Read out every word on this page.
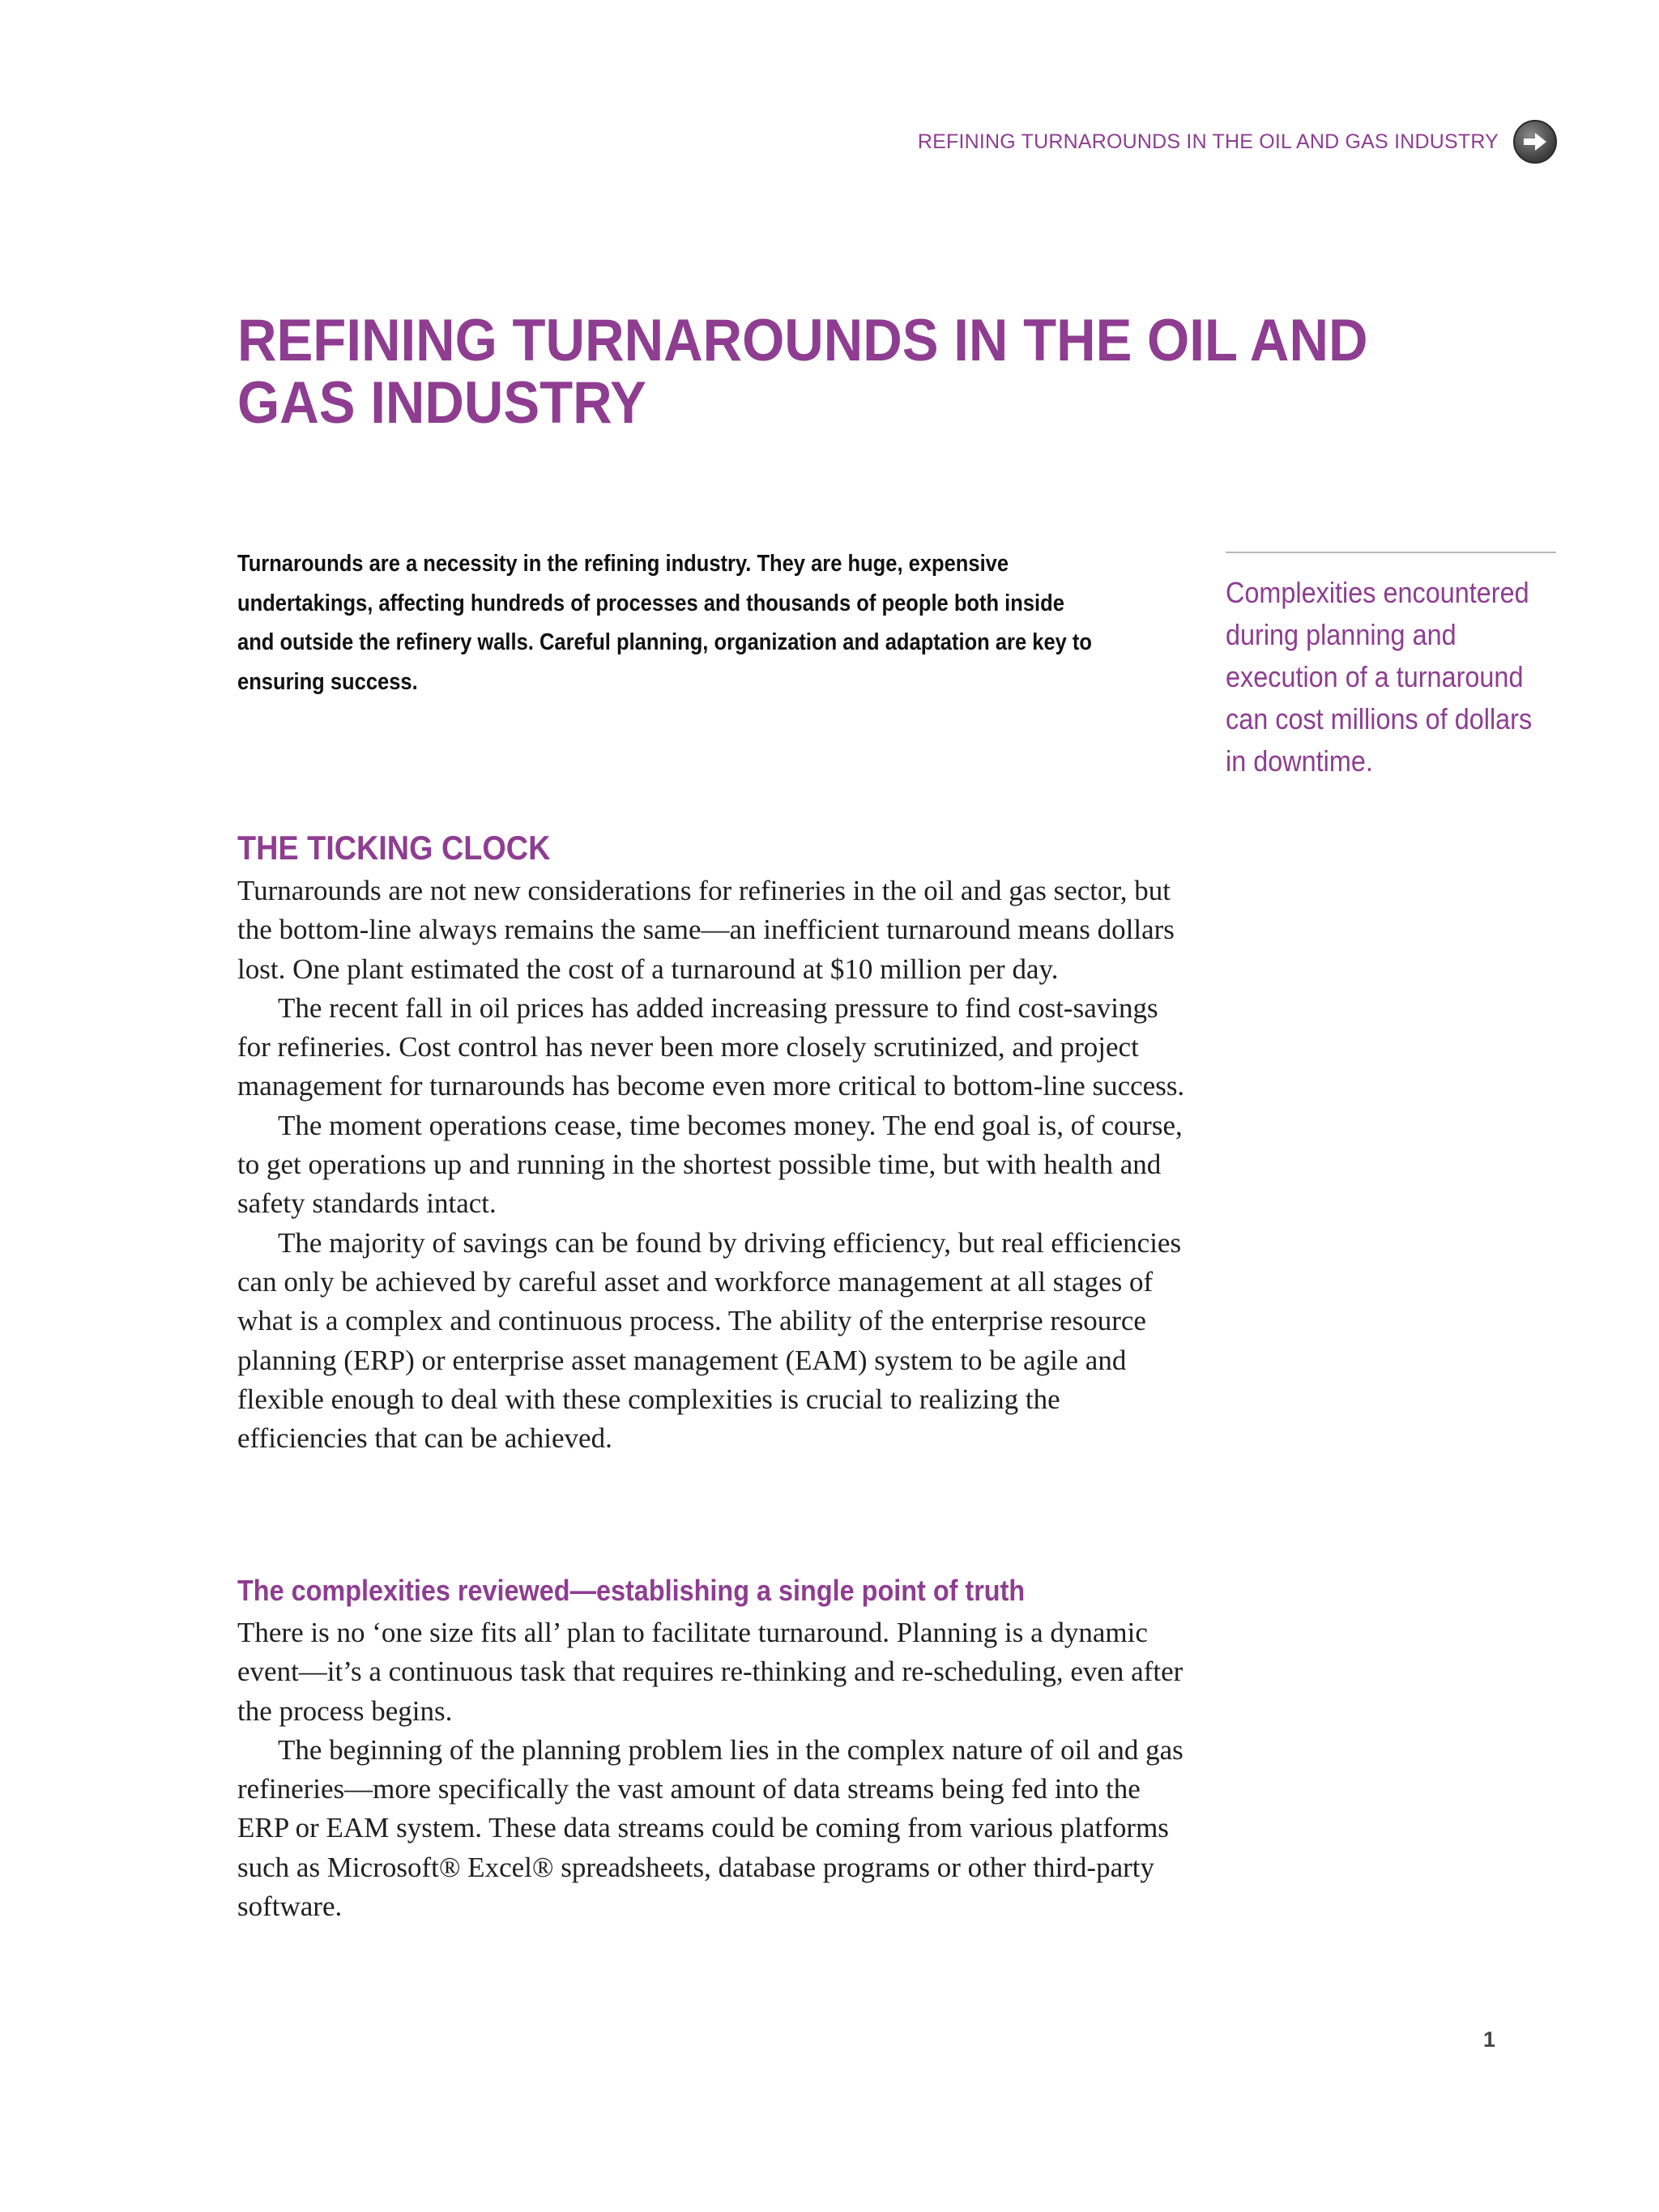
REFINING TURNAROUNDS IN THE OIL AND GAS INDUSTRY
REFINING TURNAROUNDS IN THE OIL AND GAS INDUSTRY

Turnarounds are a necessity in the refining industry. They are huge, expensive undertakings, affecting hundreds of processes and thousands of people both inside and outside the refinery walls. Careful planning, organization and adaptation are key to ensuring success.

Complexities encountered during planning and execution of a turnaround can cost millions of dollars in downtime.

THE TICKING CLOCK

Turnarounds are not new considerations for refineries in the oil and gas sector, but the bottom-line always remains the same—an inefficient turnaround means dollars lost. One plant estimated the cost of a turnaround at $10 million per day.

The recent fall in oil prices has added increasing pressure to find cost-savings for refineries. Cost control has never been more closely scrutinized, and project management for turnarounds has become even more critical to bottom-line success.

The moment operations cease, time becomes money. The end goal is, of course, to get operations up and running in the shortest possible time, but with health and safety standards intact.

The majority of savings can be found by driving efficiency, but real efficiencies can only be achieved by careful asset and workforce management at all stages of what is a complex and continuous process. The ability of the enterprise resource planning (ERP) or enterprise asset management (EAM) system to be agile and flexible enough to deal with these complexities is crucial to realizing the efficiencies that can be achieved.

The complexities reviewed—establishing a single point of truth

There is no ‘one size fits all’ plan to facilitate turnaround. Planning is a dynamic event—it’s a continuous task that requires re-thinking and re-scheduling, even after the process begins.

The beginning of the planning problem lies in the complex nature of oil and gas refineries—more specifically the vast amount of data streams being fed into the ERP or EAM system. These data streams could be coming from various platforms such as Microsoft® Excel® spreadsheets, database programs or other third-party software.

1
